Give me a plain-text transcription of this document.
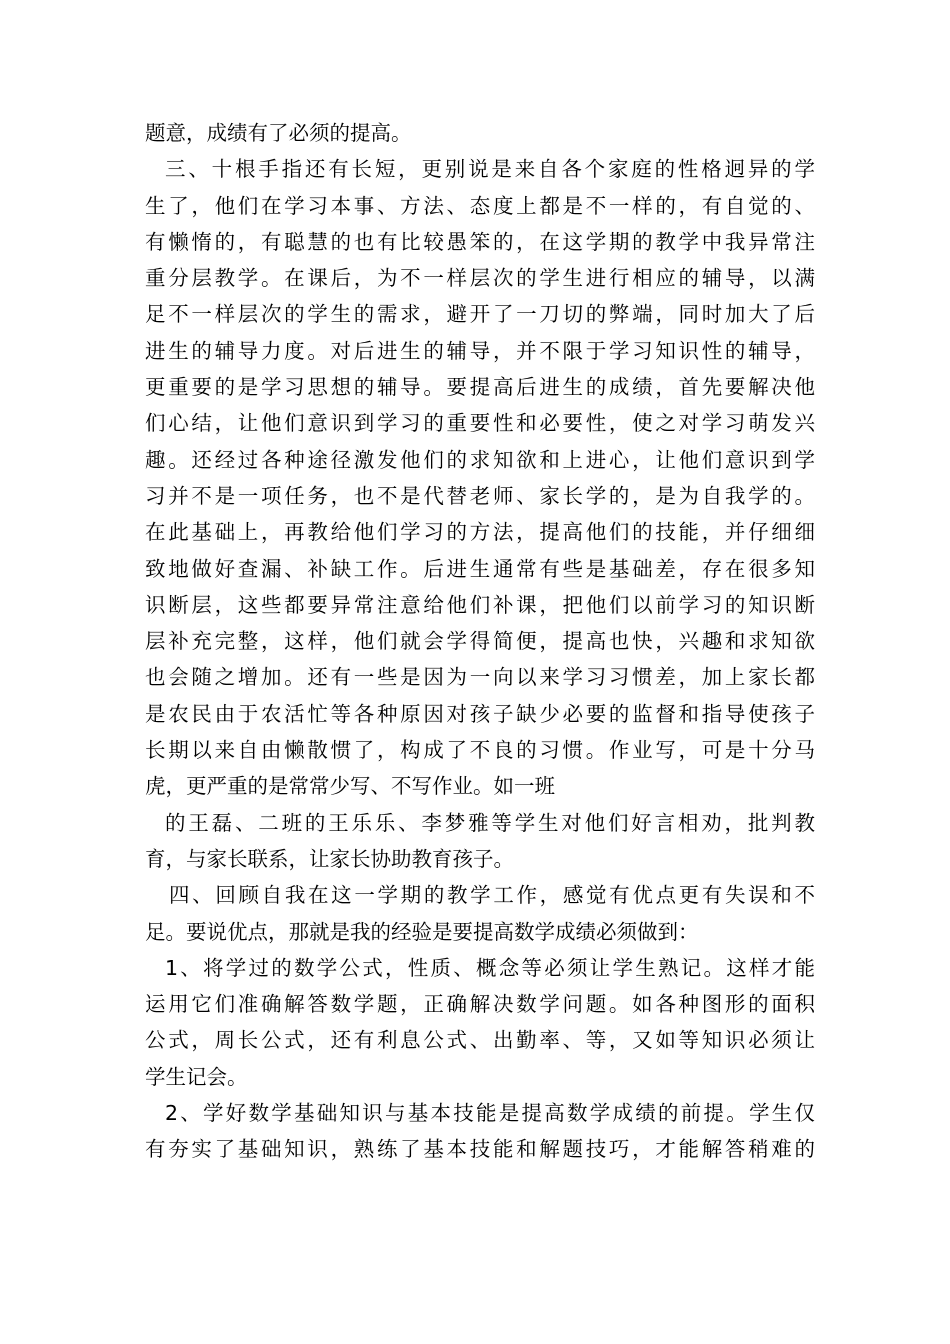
题意，成绩有了必须的提高。
三、十根手指还有长短，更别说是来自各个家庭的性格迥异的学
生了，他们在学习本事、方法、态度上都是不一样的，有自觉的、
有懒惰的，有聪慧的也有比较愚笨的，在这学期的教学中我异常注
重分层教学。在课后，为不一样层次的学生进行相应的辅导，以满
足不一样层次的学生的需求，避开了一刀切的弊端，同时加大了后
进生的辅导力度。对后进生的辅导，并不限于学习知识性的辅导，
更重要的是学习思想的辅导。要提高后进生的成绩，首先要解决他
们心结，让他们意识到学习的重要性和必要性，使之对学习萌发兴
趣。还经过各种途径激发他们的求知欲和上进心，让他们意识到学
习并不是一项任务，也不是代替老师、家长学的，是为自我学的。
在此基础上，再教给他们学习的方法，提高他们的技能，并仔细细
致地做好查漏、补缺工作。后进生通常有些是基础差，存在很多知
识断层，这些都要异常注意给他们补课，把他们以前学习的知识断
层补充完整，这样，他们就会学得简便，提高也快，兴趣和求知欲
也会随之增加。还有一些是因为一向以来学习习惯差，加上家长都
是农民由于农活忙等各种原因对孩子缺少必要的监督和指导使孩子
长期以来自由懒散惯了，构成了不良的习惯。作业写，可是十分马
虎，更严重的是常常少写、不写作业。如一班
的王磊、二班的王乐乐、李梦雅等学生对他们好言相劝，批判教
育，与家长联系，让家长协助教育孩子。
四、回顾自我在这一学期的教学工作，感觉有优点更有失误和不
足。要说优点，那就是我的经验是要提高数学成绩必须做到：
1、将学过的数学公式，性质、概念等必须让学生熟记。这样才能
运用它们准确解答数学题，正确解决数学问题。如各种图形的面积
公式，周长公式，还有利息公式、出勤率、等，又如等知识必须让
学生记会。
2、学好数学基础知识与基本技能是提高数学成绩的前提。学生仅
有夯实了基础知识，熟练了基本技能和解题技巧，才能解答稍难的
